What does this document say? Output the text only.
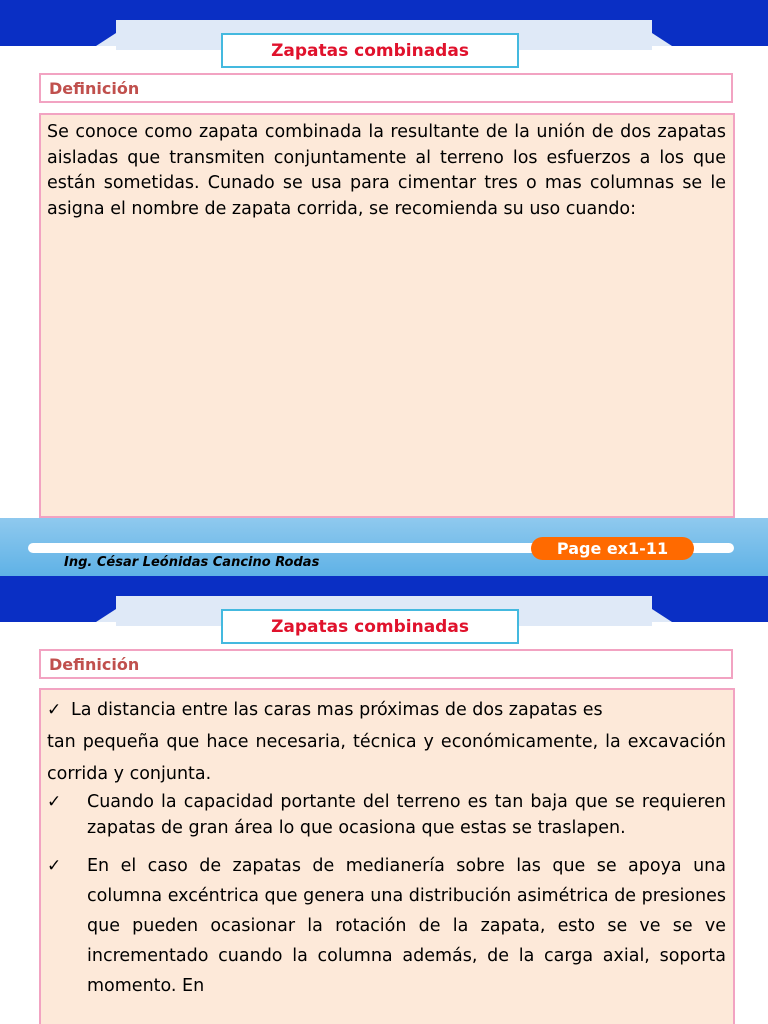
Zapatas combinadas
Definición
Se conoce como zapata combinada la resultante de la unión de dos zapatas aisladas que transmiten conjuntamente al terreno los esfuerzos a los que están sometidas. Cunado se usa para cimentar tres o mas columnas se le asigna el nombre de zapata corrida, se recomienda su uso cuando:
Page ex1-11
Ing. César Leónidas Cancino Rodas
Zapatas combinadas
Definición
✓ La distancia entre las caras mas próximas de dos zapatas es
tan pequeña que hace necesaria, técnica y económicamente, la excavación corrida y conjunta.
✓ Cuando la capacidad portante del terreno es tan baja que se requieren zapatas de gran área lo que ocasiona que estas se traslapen.
✓ En el caso de zapatas de medianería sobre las que se apoya una columna excéntrica que genera una distribución asimétrica de presiones que pueden ocasionar la rotación de la zapata, esto se ve se ve incrementado cuando la columna además, de la carga axial, soporta momento. En
